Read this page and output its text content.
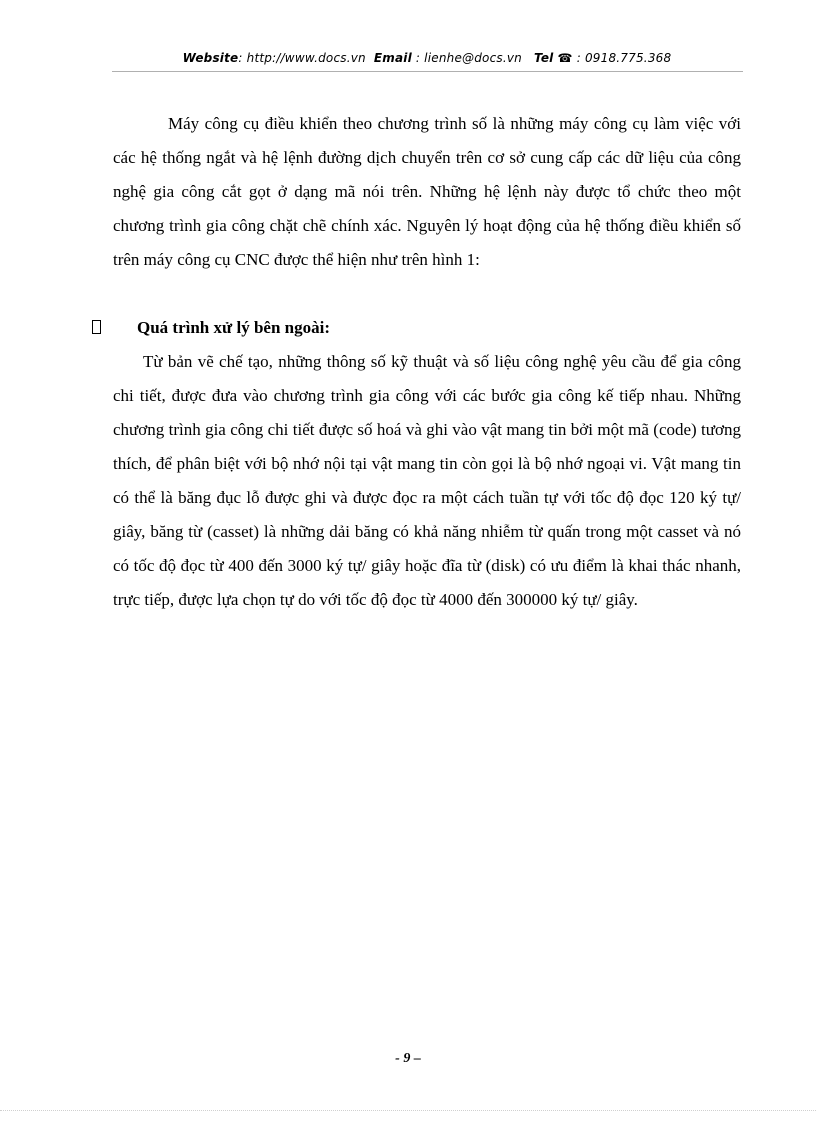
Website: http://www.docs.vn Email : lienhe@docs.vn Tel ☎ : 0918.775.368

Máy công cụ điều khiển theo chương trình số là những máy công cụ làm việc với các hệ thống ngắt và hệ lệnh đường dịch chuyển trên cơ sở cung cấp các dữ liệu của công nghệ gia công cắt gọt ở dạng mã nói trên. Những hệ lệnh này được tổ chức theo một chương trình gia công chặt chẽ chính xác. Nguyên lý hoạt động của hệ thống điều khiển số trên máy công cụ CNC được thể hiện như trên hình 1:

Quá trình xử lý bên ngoài:

Từ bản vẽ chế tạo, những thông số kỹ thuật và số liệu công nghệ yêu cầu để gia công chi tiết, được đưa vào chương trình gia công với các bước gia công kế tiếp nhau. Những chương trình gia công chi tiết được số hoá và ghi vào vật mang tin bởi một mã (code) tương thích, để phân biệt với bộ nhớ nội tại vật mang tin còn gọi là bộ nhớ ngoại vi. Vật mang tin có thể là băng đục lỗ được ghi và được đọc ra một cách tuần tự với tốc độ đọc 120 ký tự/ giây, băng từ (casset) là những dải băng có khả năng nhiễm từ quấn trong một casset và nó có tốc độ đọc từ 400 đến 3000 ký tự/ giây hoặc đĩa từ (disk) có ưu điểm là khai thác nhanh, trực tiếp, được lựa chọn tự do với tốc độ đọc từ 4000 đến 300000 ký tự/ giây.

- 9 –
